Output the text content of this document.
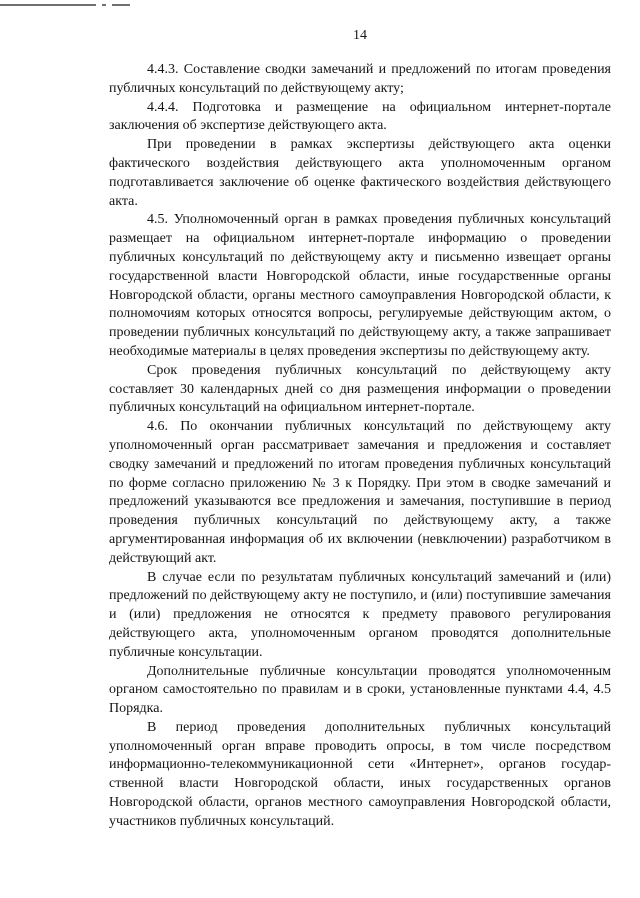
14

4.4.3. Составление сводки замечаний и предложений по итогам проведения публичных консультаций по действующему акту;

4.4.4. Подготовка и размещение на официальном интернет-портале заключения об экспертизе действующего акта.

При проведении в рамках экспертизы действующего акта оценки фактического воздействия действующего акта уполномоченным органом подготавливается заключение об оценке фактического воздействия действующего акта.

4.5. Уполномоченный орган в рамках проведения публичных консультаций размещает на официальном интернет-портале информацию о проведении публичных консультаций по действующему акту и письменно извещает органы государственной власти Новгородской области, иные государственные органы Новгородской области, органы местного самоуправления Новгородской области, к полномочиям которых относятся вопросы, регулируемые действующим актом, о проведении публичных консультаций по действующему акту, а также запрашивает необходимые материалы в целях проведения экспертизы по действующему акту.

Срок проведения публичных консультаций по действующему акту составляет 30 календарных дней со дня размещения информации о проведении публичных консультаций на официальном интернет-портале.

4.6. По окончании публичных консультаций по действующему акту уполномоченный орган рассматривает замечания и предложения и составляет сводку замечаний и предложений по итогам проведения публичных консультаций по форме согласно приложению № 3 к Порядку. При этом в сводке замечаний и предложений указываются все предложения и замечания, поступившие в период проведения публичных консультаций по действующему акту, а также аргументированная информация об их включении (невключении) разработчиком в действующий акт.

В случае если по результатам публичных консультаций замечаний и (или) предложений по действующему акту не поступило, и (или) поступившие замечания и (или) предложения не относятся к предмету правового регулирования действующего акта, уполномоченным органом проводятся дополнительные публичные консультации.

Дополнительные публичные консультации проводятся уполномоченным органом самостоятельно по правилам и в сроки, установленные пунктами 4.4, 4.5 Порядка.

В период проведения дополнительных публичных консультаций уполномоченный орган вправе проводить опросы, в том числе посредством информационно-телекоммуникационной сети «Интернет», органов государственной власти Новгородской области, иных государственных органов Новгородской области, органов местного самоуправления Новгородской области, участников публичных консультаций.
